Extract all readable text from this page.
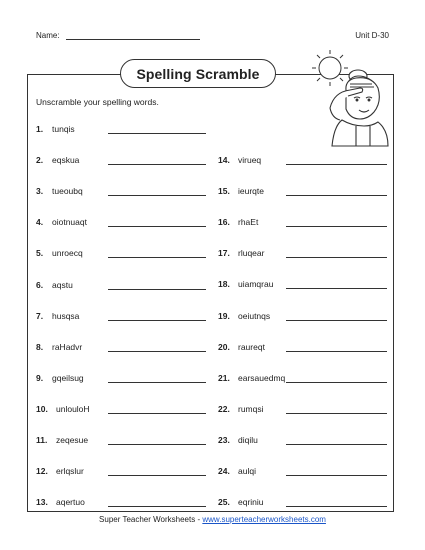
Name:	Unit D-30
Spelling Scramble
Unscramble your spelling words.
1. tunqis
2. eqskua
3. tueoubq
4. oiotnuaqt
5. unroecq
6. aqstu
7. husqsa
8. raHadvr
9. gqeilsug
10. unlouloH
11. zeqesue
12. erlqslur
13. aqertuo
14. virueq
15. ieurqte
16. rhaEt
17. rluqear
18. uiamqrau
19. oeiutnqs
20. raureqt
21. earsauedmq
22. rumqsi
23. diqilu
24. aulqi
25. eqriniu
Super Teacher Worksheets - www.superteacherworksheets.com
